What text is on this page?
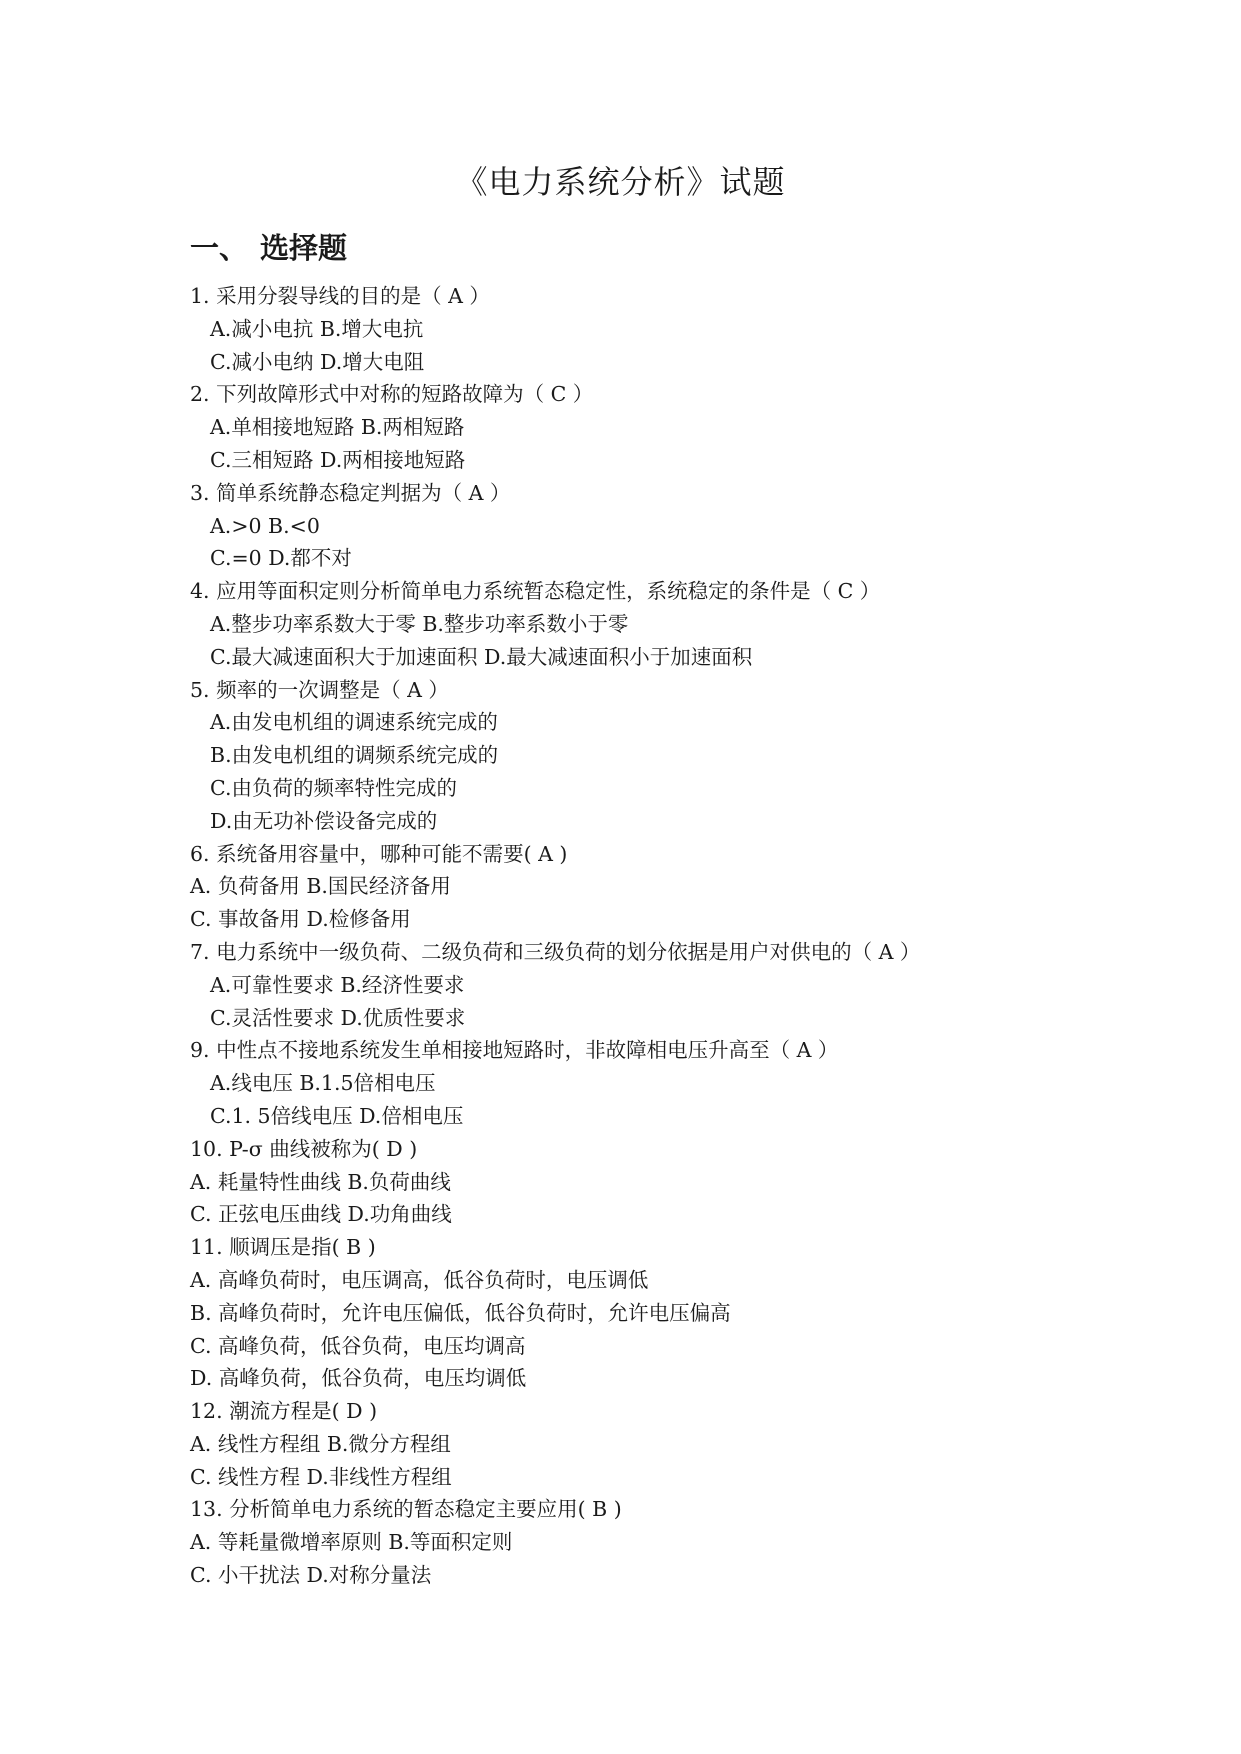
《电力系统分析》试题
一、 选择题
1. 采用分裂导线的目的是（ A ）
A.减小电抗 B.增大电抗
C.减小电纳 D.增大电阻
2. 下列故障形式中对称的短路故障为（ C ）
A.单相接地短路 B.两相短路
C.三相短路 D.两相接地短路
3. 简单系统静态稳定判据为（ A ）
A.>0 B.<0
C.=0 D.都不对
4. 应用等面积定则分析简单电力系统暂态稳定性，系统稳定的条件是（ C ）
A.整步功率系数大于零 B.整步功率系数小于零
C.最大减速面积大于加速面积 D.最大减速面积小于加速面积
5. 频率的一次调整是（ A ）
A.由发电机组的调速系统完成的
B.由发电机组的调频系统完成的
C.由负荷的频率特性完成的
D.由无功补偿设备完成的
6. 系统备用容量中，哪种可能不需要( A )
A. 负荷备用 B.国民经济备用
C. 事故备用 D.检修备用
7. 电力系统中一级负荷、二级负荷和三级负荷的划分依据是用户对供电的（ A ）
A.可靠性要求 B.经济性要求
C.灵活性要求 D.优质性要求
9. 中性点不接地系统发生单相接地短路时，非故障相电压升高至（ A ）
A.线电压 B.1.5倍相电压
C.1. 5倍线电压 D.倍相电压
10. P-σ 曲线被称为( D )
A. 耗量特性曲线 B.负荷曲线
C. 正弦电压曲线 D.功角曲线
11. 顺调压是指( B )
A. 高峰负荷时，电压调高，低谷负荷时，电压调低
B. 高峰负荷时，允许电压偏低，低谷负荷时，允许电压偏高
C. 高峰负荷，低谷负荷，电压均调高
D. 高峰负荷，低谷负荷，电压均调低
12. 潮流方程是( D )
A. 线性方程组 B.微分方程组
C. 线性方程 D.非线性方程组
13. 分析简单电力系统的暂态稳定主要应用( B )
A. 等耗量微增率原则 B.等面积定则
C. 小干扰法 D.对称分量法
